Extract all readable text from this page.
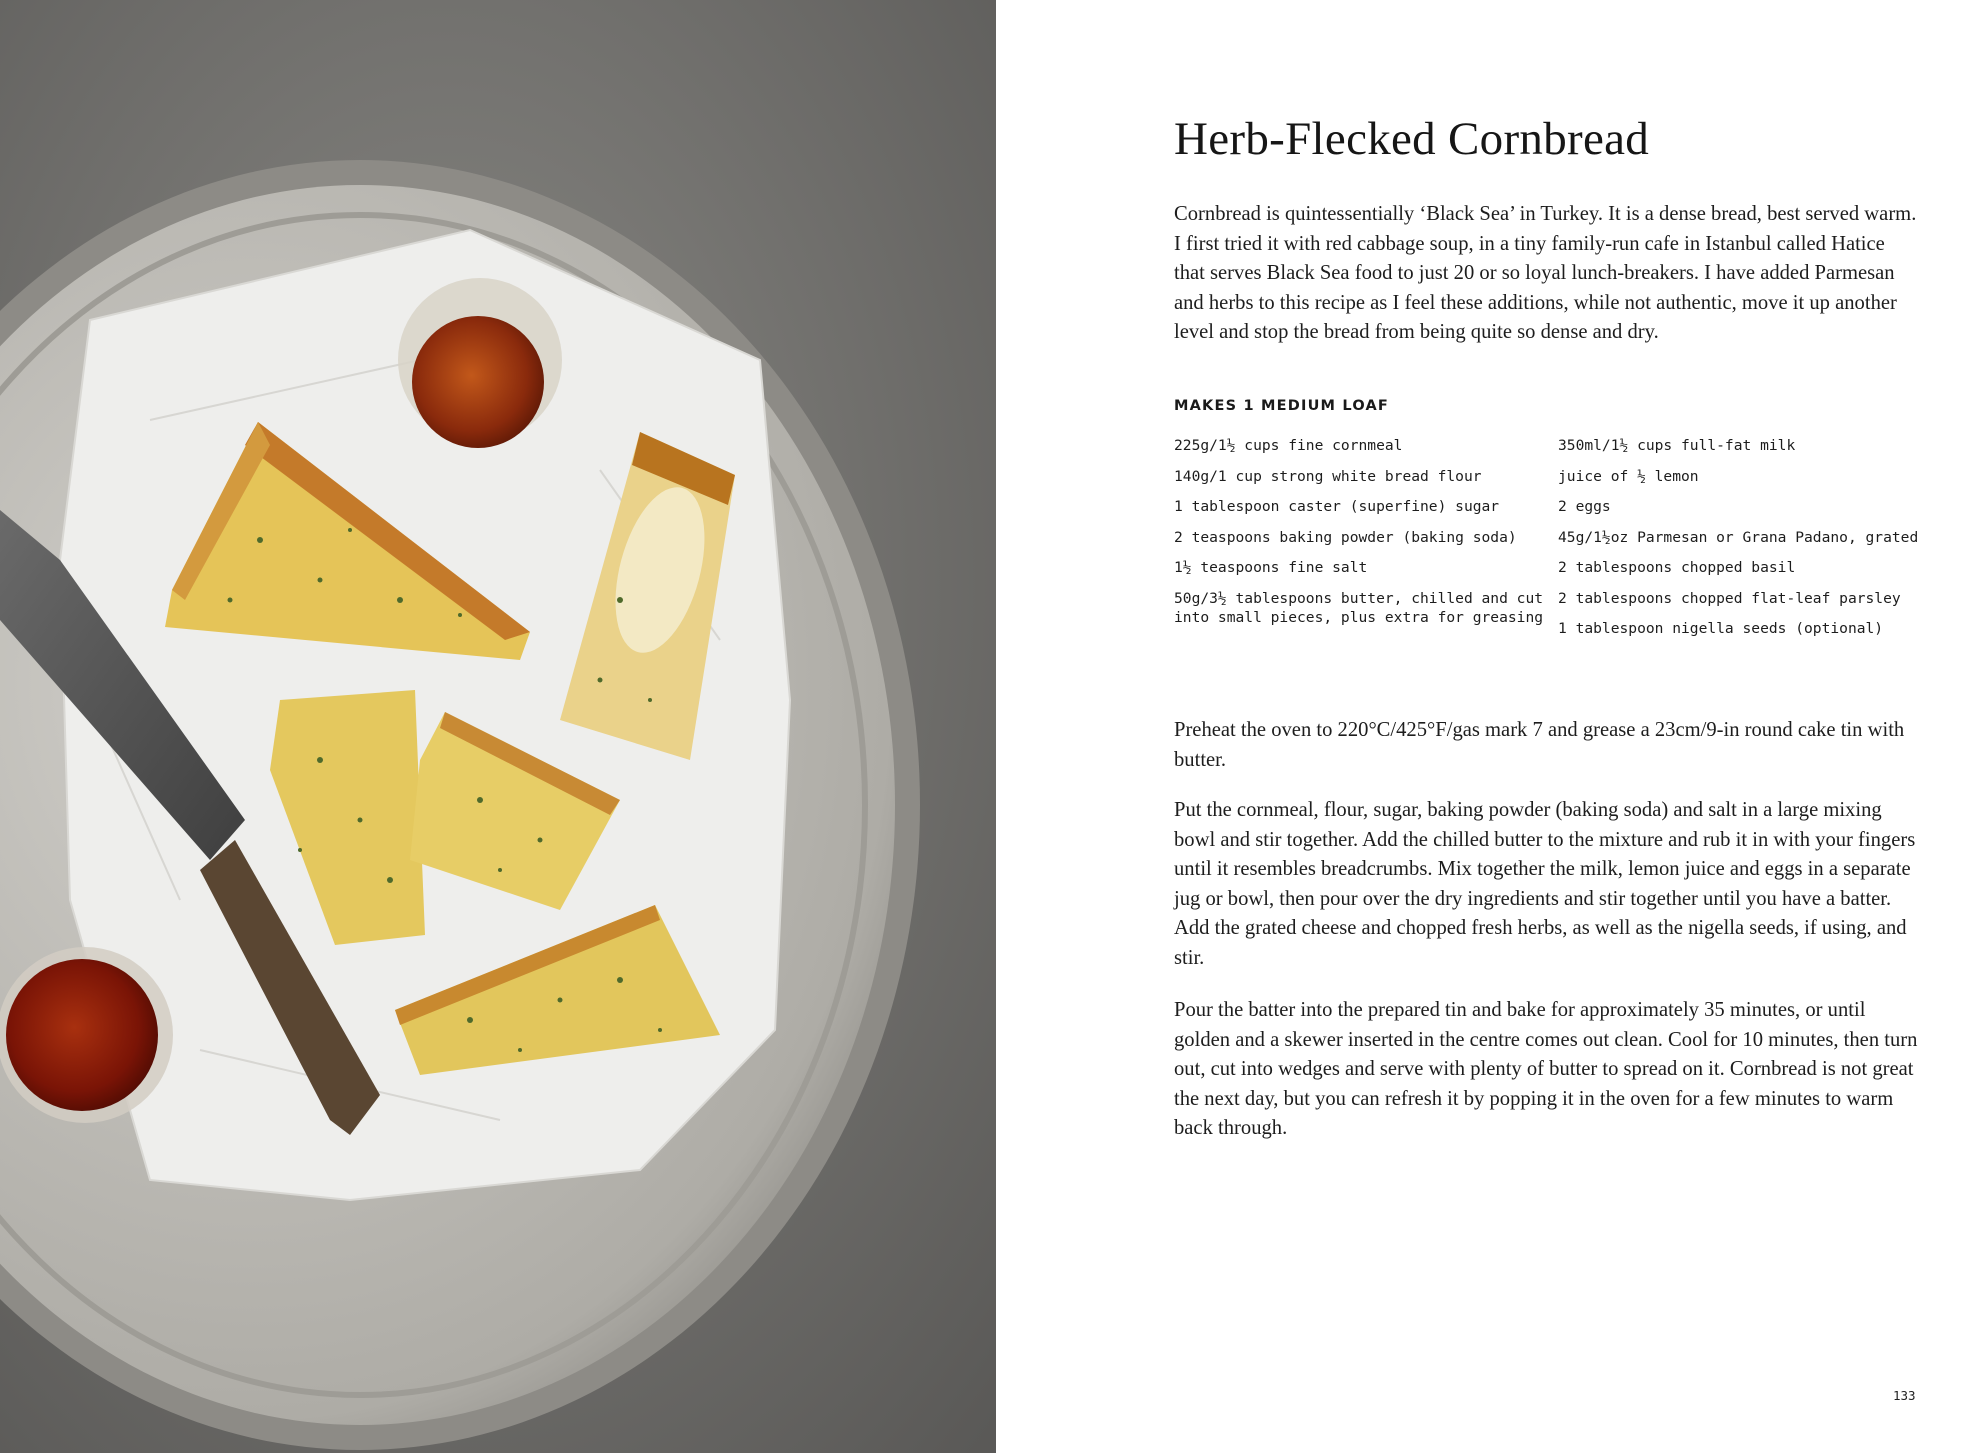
Herb-Flecked Cornbread

Cornbread is quintessentially ‘Black Sea’ in Turkey. It is a dense bread, best served warm. I first tried it with red cabbage soup, in a tiny family-run cafe in Istanbul called Hatice that serves Black Sea food to just 20 or so loyal lunch-breakers. I have added Parmesan and herbs to this recipe as I feel these additions, while not authentic, move it up another level and stop the bread from being quite so dense and dry.

MAKES 1 MEDIUM LOAF
225g/1½ cups fine cornmeal
140g/1 cup strong white bread flour
1 tablespoon caster (superfine) sugar
2 teaspoons baking powder (baking soda)
1½ teaspoons fine salt
50g/3½ tablespoons butter, chilled and cut into small pieces, plus extra for greasing
350ml/1½ cups full-fat milk
juice of ½ lemon
2 eggs
45g/1½oz Parmesan or Grana Padano, grated
2 tablespoons chopped basil
2 tablespoons chopped flat-leaf parsley
1 tablespoon nigella seeds (optional)

Preheat the oven to 220°C/425°F/gas mark 7 and grease a 23cm/9-in round cake tin with butter.

Put the cornmeal, flour, sugar, baking powder (baking soda) and salt in a large mixing bowl and stir together. Add the chilled butter to the mixture and rub it in with your fingers until it resembles breadcrumbs. Mix together the milk, lemon juice and eggs in a separate jug or bowl, then pour over the dry ingredients and stir together until you have a batter. Add the grated cheese and chopped fresh herbs, as well as the nigella seeds, if using, and stir.

Pour the batter into the prepared tin and bake for approximately 35 minutes, or until golden and a skewer inserted in the centre comes out clean. Cool for 10 minutes, then turn out, cut into wedges and serve with plenty of butter to spread on it. Cornbread is not great the next day, but you can refresh it by popping it in the oven for a few minutes to warm back through.

133
